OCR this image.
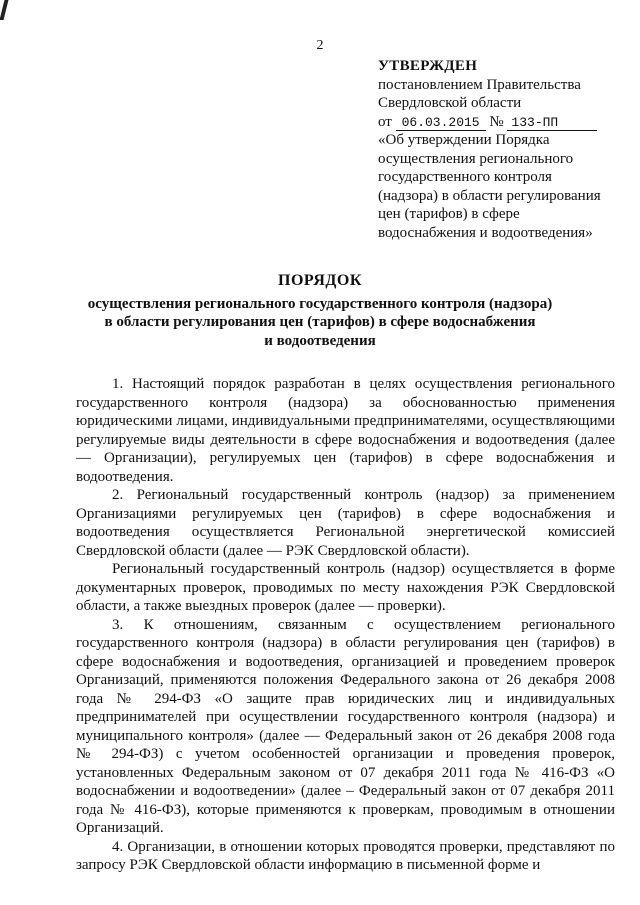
2
УТВЕРЖДЕН
постановлением Правительства
Свердловской области
от 06.03.2015 № 133-ПП
«Об утверждении Порядка
осуществления регионального
государственного контроля
(надзора) в области регулирования
цен (тарифов) в сфере
водоснабжения и водоотведения»
ПОРЯДОК
осуществления регионального государственного контроля (надзора)
в области регулирования цен (тарифов) в сфере водоснабжения
и водоотведения

1. Настоящий порядок разработан в целях осуществления регионального государственного контроля (надзора) за обоснованностью применения юридическими лицами, индивидуальными предпринимателями, осуществляющими регулируемые виды деятельности в сфере водоснабжения и водоотведения (далее — Организации), регулируемых цен (тарифов) в сфере водоснабжения и водоотведения.

2. Региональный государственный контроль (надзор) за применением Организациями регулируемых цен (тарифов) в сфере водоснабжения и водоотведения осуществляется Региональной энергетической комиссией Свердловской области (далее — РЭК Свердловской области).

Региональный государственный контроль (надзор) осуществляется в форме документарных проверок, проводимых по месту нахождения РЭК Свердловской области, а также выездных проверок (далее — проверки).

3. К отношениям, связанным с осуществлением регионального государственного контроля (надзора) в области регулирования цен (тарифов) в сфере водоснабжения и водоотведения, организацией и проведением проверок Организаций, применяются положения Федерального закона от 26 декабря 2008 года № 294-ФЗ «О защите прав юридических лиц и индивидуальных предпринимателей при осуществлении государственного контроля (надзора) и муниципального контроля» (далее — Федеральный закон от 26 декабря 2008 года № 294-ФЗ) с учетом особенностей организации и проведения проверок, установленных Федеральным законом от 07 декабря 2011 года № 416-ФЗ «О водоснабжении и водоотведении» (далее – Федеральный закон от 07 декабря 2011 года № 416-ФЗ), которые применяются к проверкам, проводимым в отношении Организаций.

4. Организации, в отношении которых проводятся проверки, представляют по запросу РЭК Свердловской области информацию в письменной форме и
